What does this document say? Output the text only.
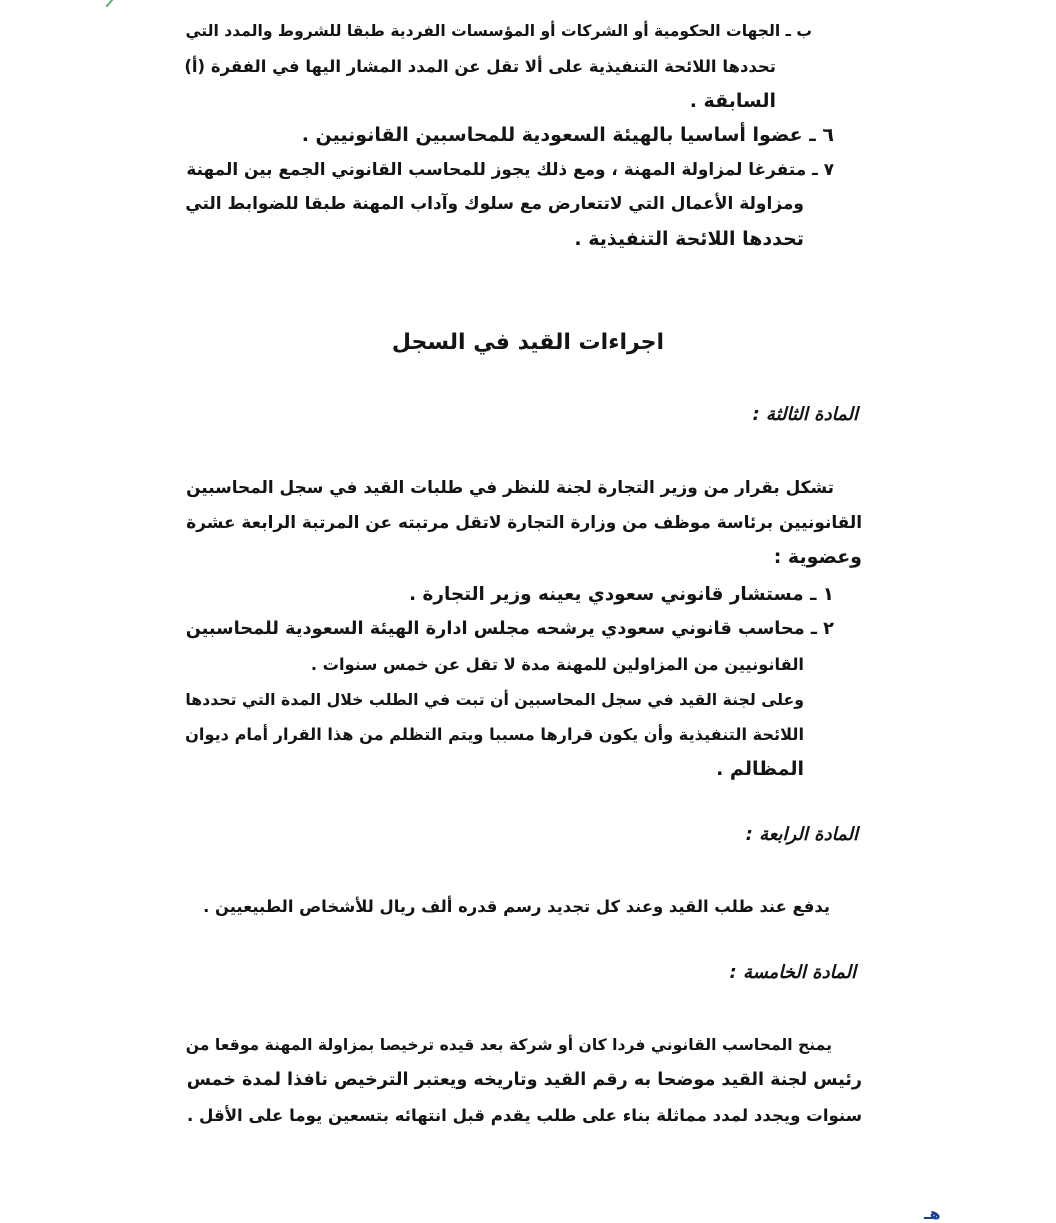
ب ـ الجهات الحكومية أو الشركات أو المؤسسات الفردية طبقا للشروط والمدد التي
تحددها اللائحة التنفيذية على ألا تقل عن المدد المشار اليها في الفقرة (أ)
السابقة .
٦ ـ عضوا أساسيا بالهيئة السعودية للمحاسبين القانونيين .
٧ ـ متفرغا لمزاولة المهنة ، ومع ذلك يجوز للمحاسب القانوني الجمع بين المهنة
ومزاولة الأعمال التي لاتتعارض مع سلوك وآداب المهنة طبقا للضوابط التي
تحددها اللائحة التنفيذية .
اجراءات القيد في السجل
المادة الثالثة :
تشكل بقرار من وزير التجارة لجنة للنظر في طلبات القيد في سجل المحاسبين
القانونيين برئاسة موظف من وزارة التجارة لاتقل مرتبته عن المرتبة الرابعة عشرة
وعضوية :
١ ـ مستشار قانوني سعودي يعينه وزير التجارة .
٢ ـ محاسب قانوني سعودي يرشحه مجلس ادارة الهيئة السعودية للمحاسبين
القانونيين من المزاولين للمهنة مدة لا تقل عن خمس سنوات .
وعلى لجنة القيد في سجل المحاسبين أن تبت في الطلب خلال المدة التي تحددها
اللائحة التنفيذية وأن يكون قرارها مسببا ويتم التظلم من هذا القرار أمام ديوان
المظالم .
المادة الرابعة :
يدفع عند طلب القيد وعند كل تجديد رسم قدره ألف ريال للأشخاص الطبيعيين .
المادة الخامسة :
يمنح المحاسب القانوني فردا كان أو شركة بعد قيده ترخيصا بمزاولة المهنة موقعا من
رئيس لجنة القيد موضحا به رقم القيد وتاريخه ويعتبر الترخيص نافذا لمدة خمس
سنوات ويجدد لمدد مماثلة بناء على طلب يقدم قبل انتهائه بتسعين يوما على الأقل .
هـ
